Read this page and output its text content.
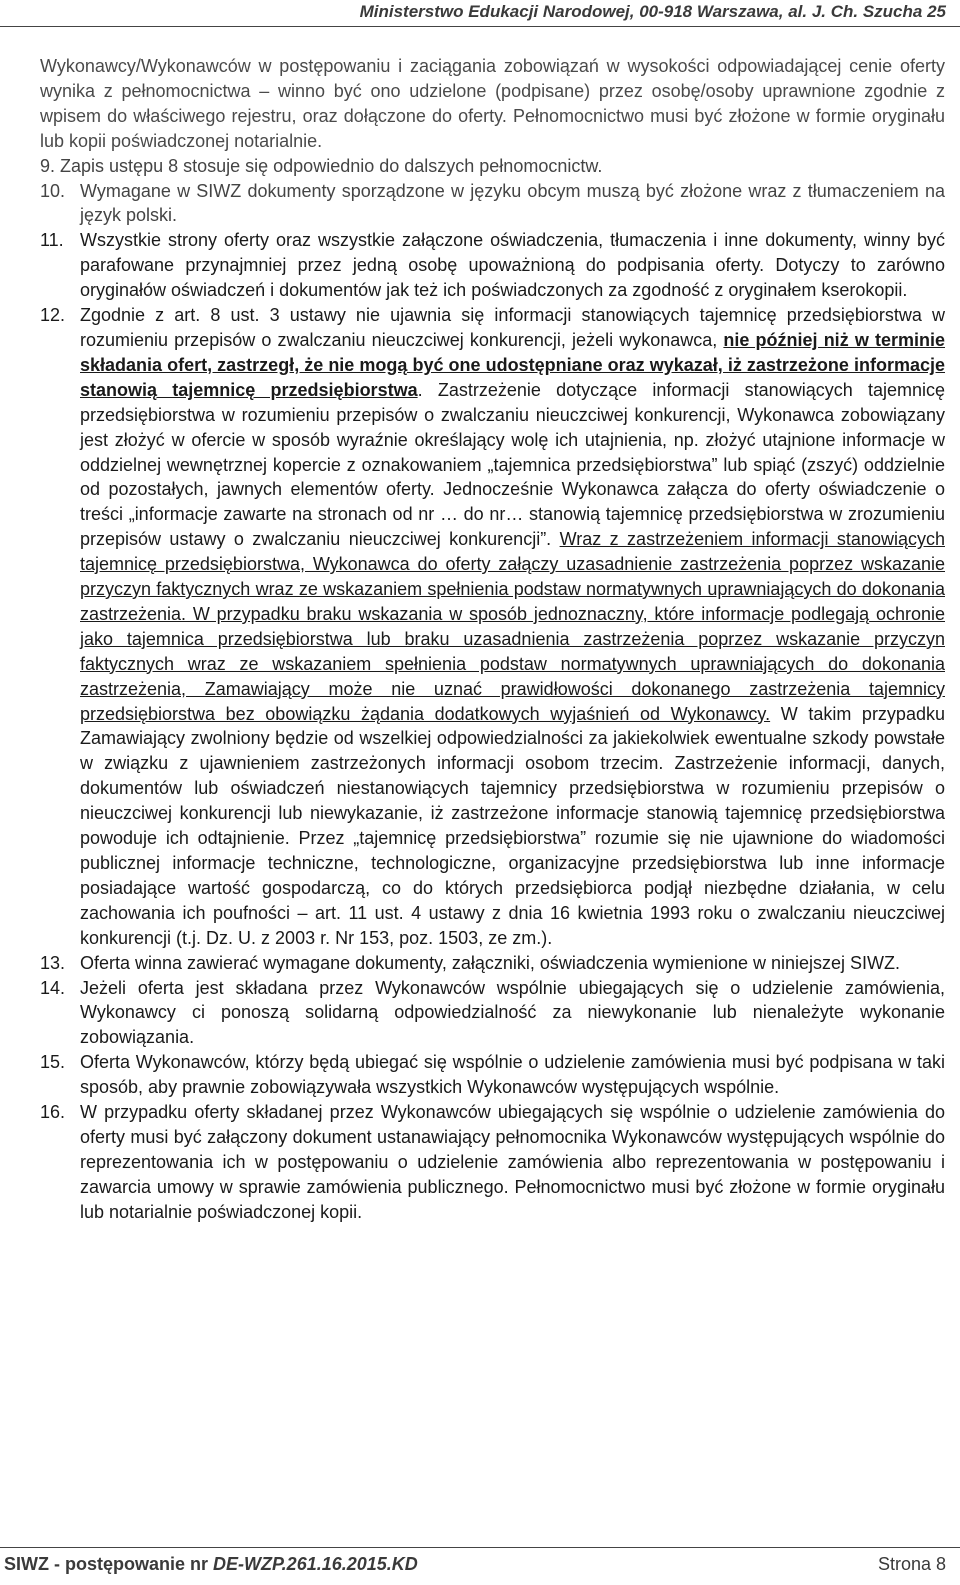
Ministerstwo Edukacji Narodowej, 00-918 Warszawa, al. J. Ch. Szucha 25

Wykonawcy/Wykonawców w postępowaniu i zaciągania zobowiązań w wysokości odpowiadającej cenie oferty wynika z pełnomocnictwa – winno być ono udzielone (podpisane) przez osobę/osoby uprawnione zgodnie z wpisem do właściwego rejestru, oraz dołączone do oferty. Pełnomocnictwo musi być złożone w formie oryginału lub kopii poświadczonej notarialnie.

9. Zapis ustępu 8 stosuje się odpowiednio do dalszych pełnomocnictw.
10. Wymagane w SIWZ dokumenty sporządzone w języku obcym muszą być złożone wraz z tłumaczeniem na język polski.
11. Wszystkie strony oferty oraz wszystkie załączone oświadczenia, tłumaczenia i inne dokumenty, winny być parafowane przynajmniej przez jedną osobę upoważnioną do podpisania oferty. Dotyczy to zarówno oryginałów oświadczeń i dokumentów jak też ich poświadczonych za zgodność z oryginałem kserokopii.
12. Zgodnie z art. 8 ust. 3 ustawy nie ujawnia się informacji stanowiących tajemnicę przedsiębiorstwa w rozumieniu przepisów o zwalczaniu nieuczciwej konkurencji, jeżeli wykonawca, nie później niż w terminie składania ofert, zastrzegł, że nie mogą być one udostępniane oraz wykazał, iż zastrzeżone informacje stanowią tajemnicę przedsiębiorstwa. Zastrzeżenie dotyczące informacji stanowiących tajemnicę przedsiębiorstwa w rozumieniu przepisów o zwalczaniu nieuczciwej konkurencji, Wykonawca zobowiązany jest złożyć w ofercie w sposób wyraźnie określający wolę ich utajnienia, np. złożyć utajnione informacje w oddzielnej wewnętrznej kopercie z oznakowaniem „tajemnica przedsiębiorstwa” lub spiąć (zszyć) oddzielnie od pozostałych, jawnych elementów oferty. Jednocześnie Wykonawca załącza do oferty oświadczenie o treści „informacje zawarte na stronach od nr … do nr… stanowią tajemnicę przedsiębiorstwa w zrozumieniu przepisów ustawy o zwalczaniu nieuczciwej konkurencji”. Wraz z zastrzeżeniem informacji stanowiących tajemnicę przedsiębiorstwa, Wykonawca do oferty załączy uzasadnienie zastrzeżenia poprzez wskazanie przyczyn faktycznych wraz ze wskazaniem spełnienia podstaw normatywnych uprawniających do dokonania zastrzeżenia. W przypadku braku wskazania w sposób jednoznaczny, które informacje podlegają ochronie jako tajemnica przedsiębiorstwa lub braku uzasadnienia zastrzeżenia poprzez wskazanie przyczyn faktycznych wraz ze wskazaniem spełnienia podstaw normatywnych uprawniających do dokonania zastrzeżenia, Zamawiający może nie uznać prawidłowości dokonanego zastrzeżenia tajemnicy przedsiębiorstwa bez obowiązku żądania dodatkowych wyjaśnień od Wykonawcy. W takim przypadku Zamawiający zwolniony będzie od wszelkiej odpowiedzialności za jakiekolwiek ewentualne szkody powstałe w związku z ujawnieniem zastrzeżonych informacji osobom trzecim. Zastrzeżenie informacji, danych, dokumentów lub oświadczeń niestanowiących tajemnicy przedsiębiorstwa w rozumieniu przepisów o nieuczciwej konkurencji lub niewykazanie, iż zastrzeżone informacje stanowią tajemnicę przedsiębiorstwa powoduje ich odtajnienie. Przez „tajemnicę przedsiębiorstwa” rozumie się nie ujawnione do wiadomości publicznej informacje techniczne, technologiczne, organizacyjne przedsiębiorstwa lub inne informacje posiadające wartość gospodarczą, co do których przedsiębiorca podjął niezbędne działania, w celu zachowania ich poufności – art. 11 ust. 4 ustawy z dnia 16 kwietnia 1993 roku o zwalczaniu nieuczciwej konkurencji (t.j. Dz. U. z 2003 r. Nr 153, poz. 1503, ze zm.).
13. Oferta winna zawierać wymagane dokumenty, załączniki, oświadczenia wymienione w niniejszej SIWZ.
14. Jeżeli oferta jest składana przez Wykonawców wspólnie ubiegających się o udzielenie zamówienia, Wykonawcy ci ponoszą solidarną odpowiedzialność za niewykonanie lub nienależyte wykonanie zobowiązania.
15. Oferta Wykonawców, którzy będą ubiegać się wspólnie o udzielenie zamówienia musi być podpisana w taki sposób, aby prawnie zobowiązywała wszystkich Wykonawców występujących wspólnie.
16. W przypadku oferty składanej przez Wykonawców ubiegających się wspólnie o udzielenie zamówienia do oferty musi być załączony dokument ustanawiający pełnomocnika Wykonawców występujących wspólnie do reprezentowania ich w postępowaniu o udzielenie zamówienia albo reprezentowania w postępowaniu i zawarcia umowy w sprawie zamówienia publicznego. Pełnomocnictwo musi być złożone w formie oryginału lub notarialnie poświadczonej kopii.
SIWZ - postępowanie nr DE-WZP.261.16.2015.KD	Strona 8
